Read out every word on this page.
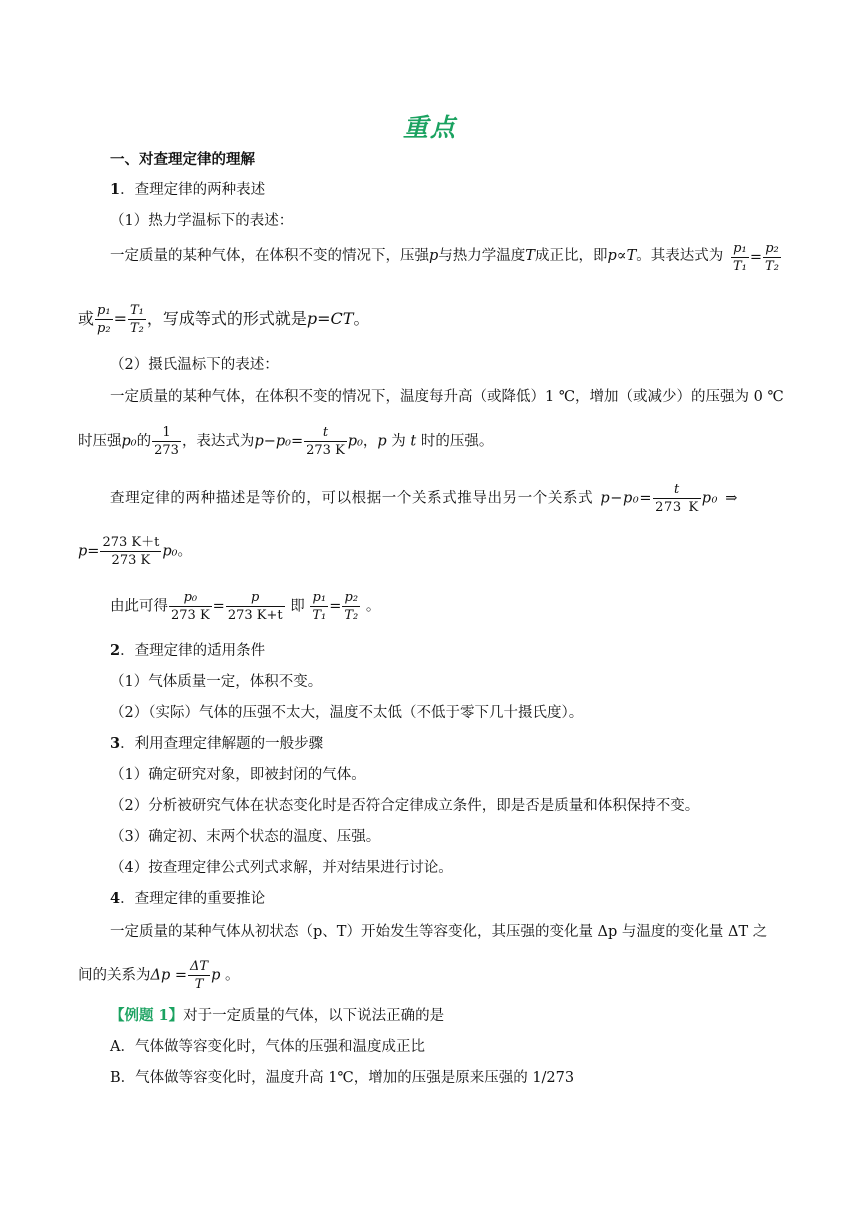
重点
一、对查理定律的理解
1．查理定律的两种表述
（1）热力学温标下的表述：
一定质量的某种气体，在体积不变的情况下，压强p与热力学温度T成正比，即p∝T。其表达式为 $\frac{\text{p₁}}{\text{T₁}} = \frac{\text{p₂}}{\text{T₂}}$
或 $\frac{\text{p₁}}{\text{p₂}} = \frac{\text{T₁}}{\text{T₂}}$ ，写成等式的形式就是p=CT。
（2）摄氏温标下的表述：
一定质量的某种气体，在体积不变的情况下，温度每升高（或降低）1 ℃，增加（或减少）的压强为 0 ℃
时压强p₀的 $\frac{1}{273}$ ，表达式为$p-p_0= \frac{t}{273 K} p_0$，p 为 t 时的压强。
查理定律的两种描述是等价的，可以根据一个关系式推导出另一个关系式 $p-p_0= \frac{t}{273 K} p_0$ ⇒
$p= \frac{273 K+t}{273 K} p_0$。
由此可得 $\frac{\text{p₀}}{273 K} = \frac{p}{273 K+t}$ 即 $\frac{\text{p₁}}{\text{T₁}} = \frac{\text{p₂}}{\text{T₂}}$ 。
2．查理定律的适用条件
（1）气体质量一定，体积不变。
（2）（实际）气体的压强不太大，温度不太低（不低于零下几十摄氏度）。
3．利用查理定律解题的一般步骤
（1）确定研究对象，即被封闭的气体。
（2）分析被研究气体在状态变化时是否符合定律成立条件，即是否是质量和体积保持不变。
（3）确定初、末两个状态的温度、压强。
（4）按查理定律公式列式求解，并对结果进行讨论。
4．查理定律的重要推论
一定质量的某种气体从初状态（p、T）开始发生等容变化，其压强的变化量 Δp 与温度的变化量 ΔT 之
间的关系为$\Delta p = \frac{\Delta T}{T}$ p 。
【例题 1】对于一定质量的气体，以下说法正确的是
A．气体做等容变化时，气体的压强和温度成正比
B．气体做等容变化时，温度升高 1℃，增加的压强是原来压强的 1/273
